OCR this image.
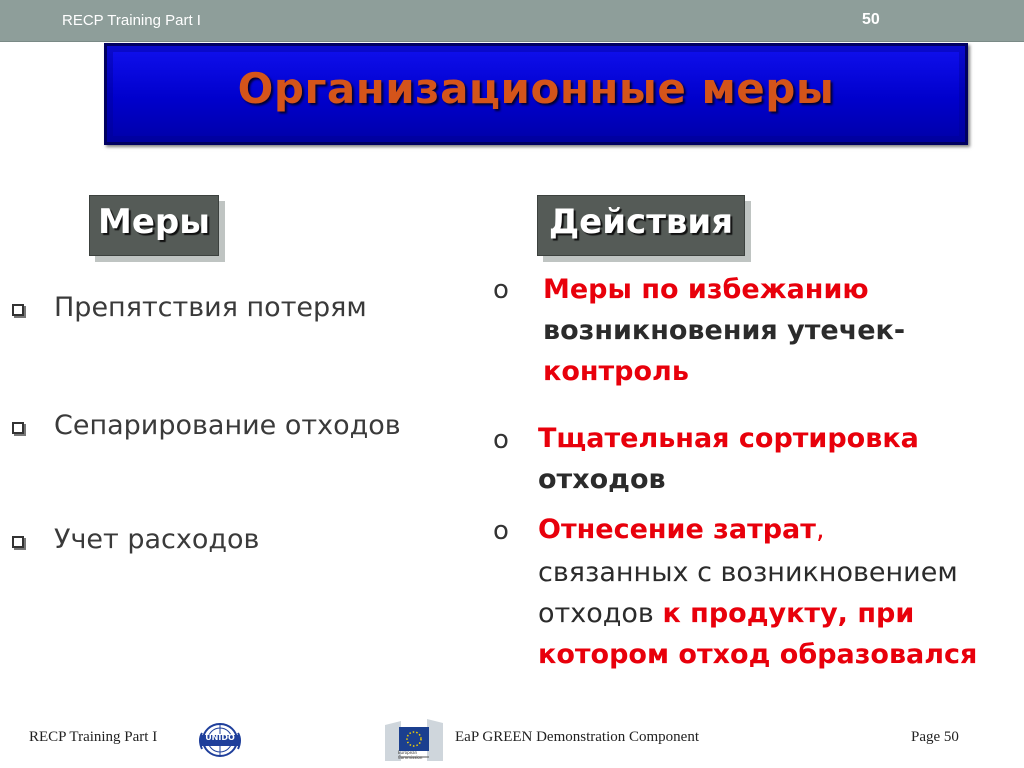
RECP Training Part I	50
Организационные меры
Меры	Действия
Препятствия потерям
Сепарирование отходов
Учет расходов
o Меры по избежанию
возникновения утечек-
контроль
o Тщательная сортировка
отходов
o Отнесение затрат,
связанных с возникновением
отходов к продукту, при
котором отход образовался
RECP Training Part I	UNIDO
European Commission
EaP GREEN Demonstration Component	Page 50
